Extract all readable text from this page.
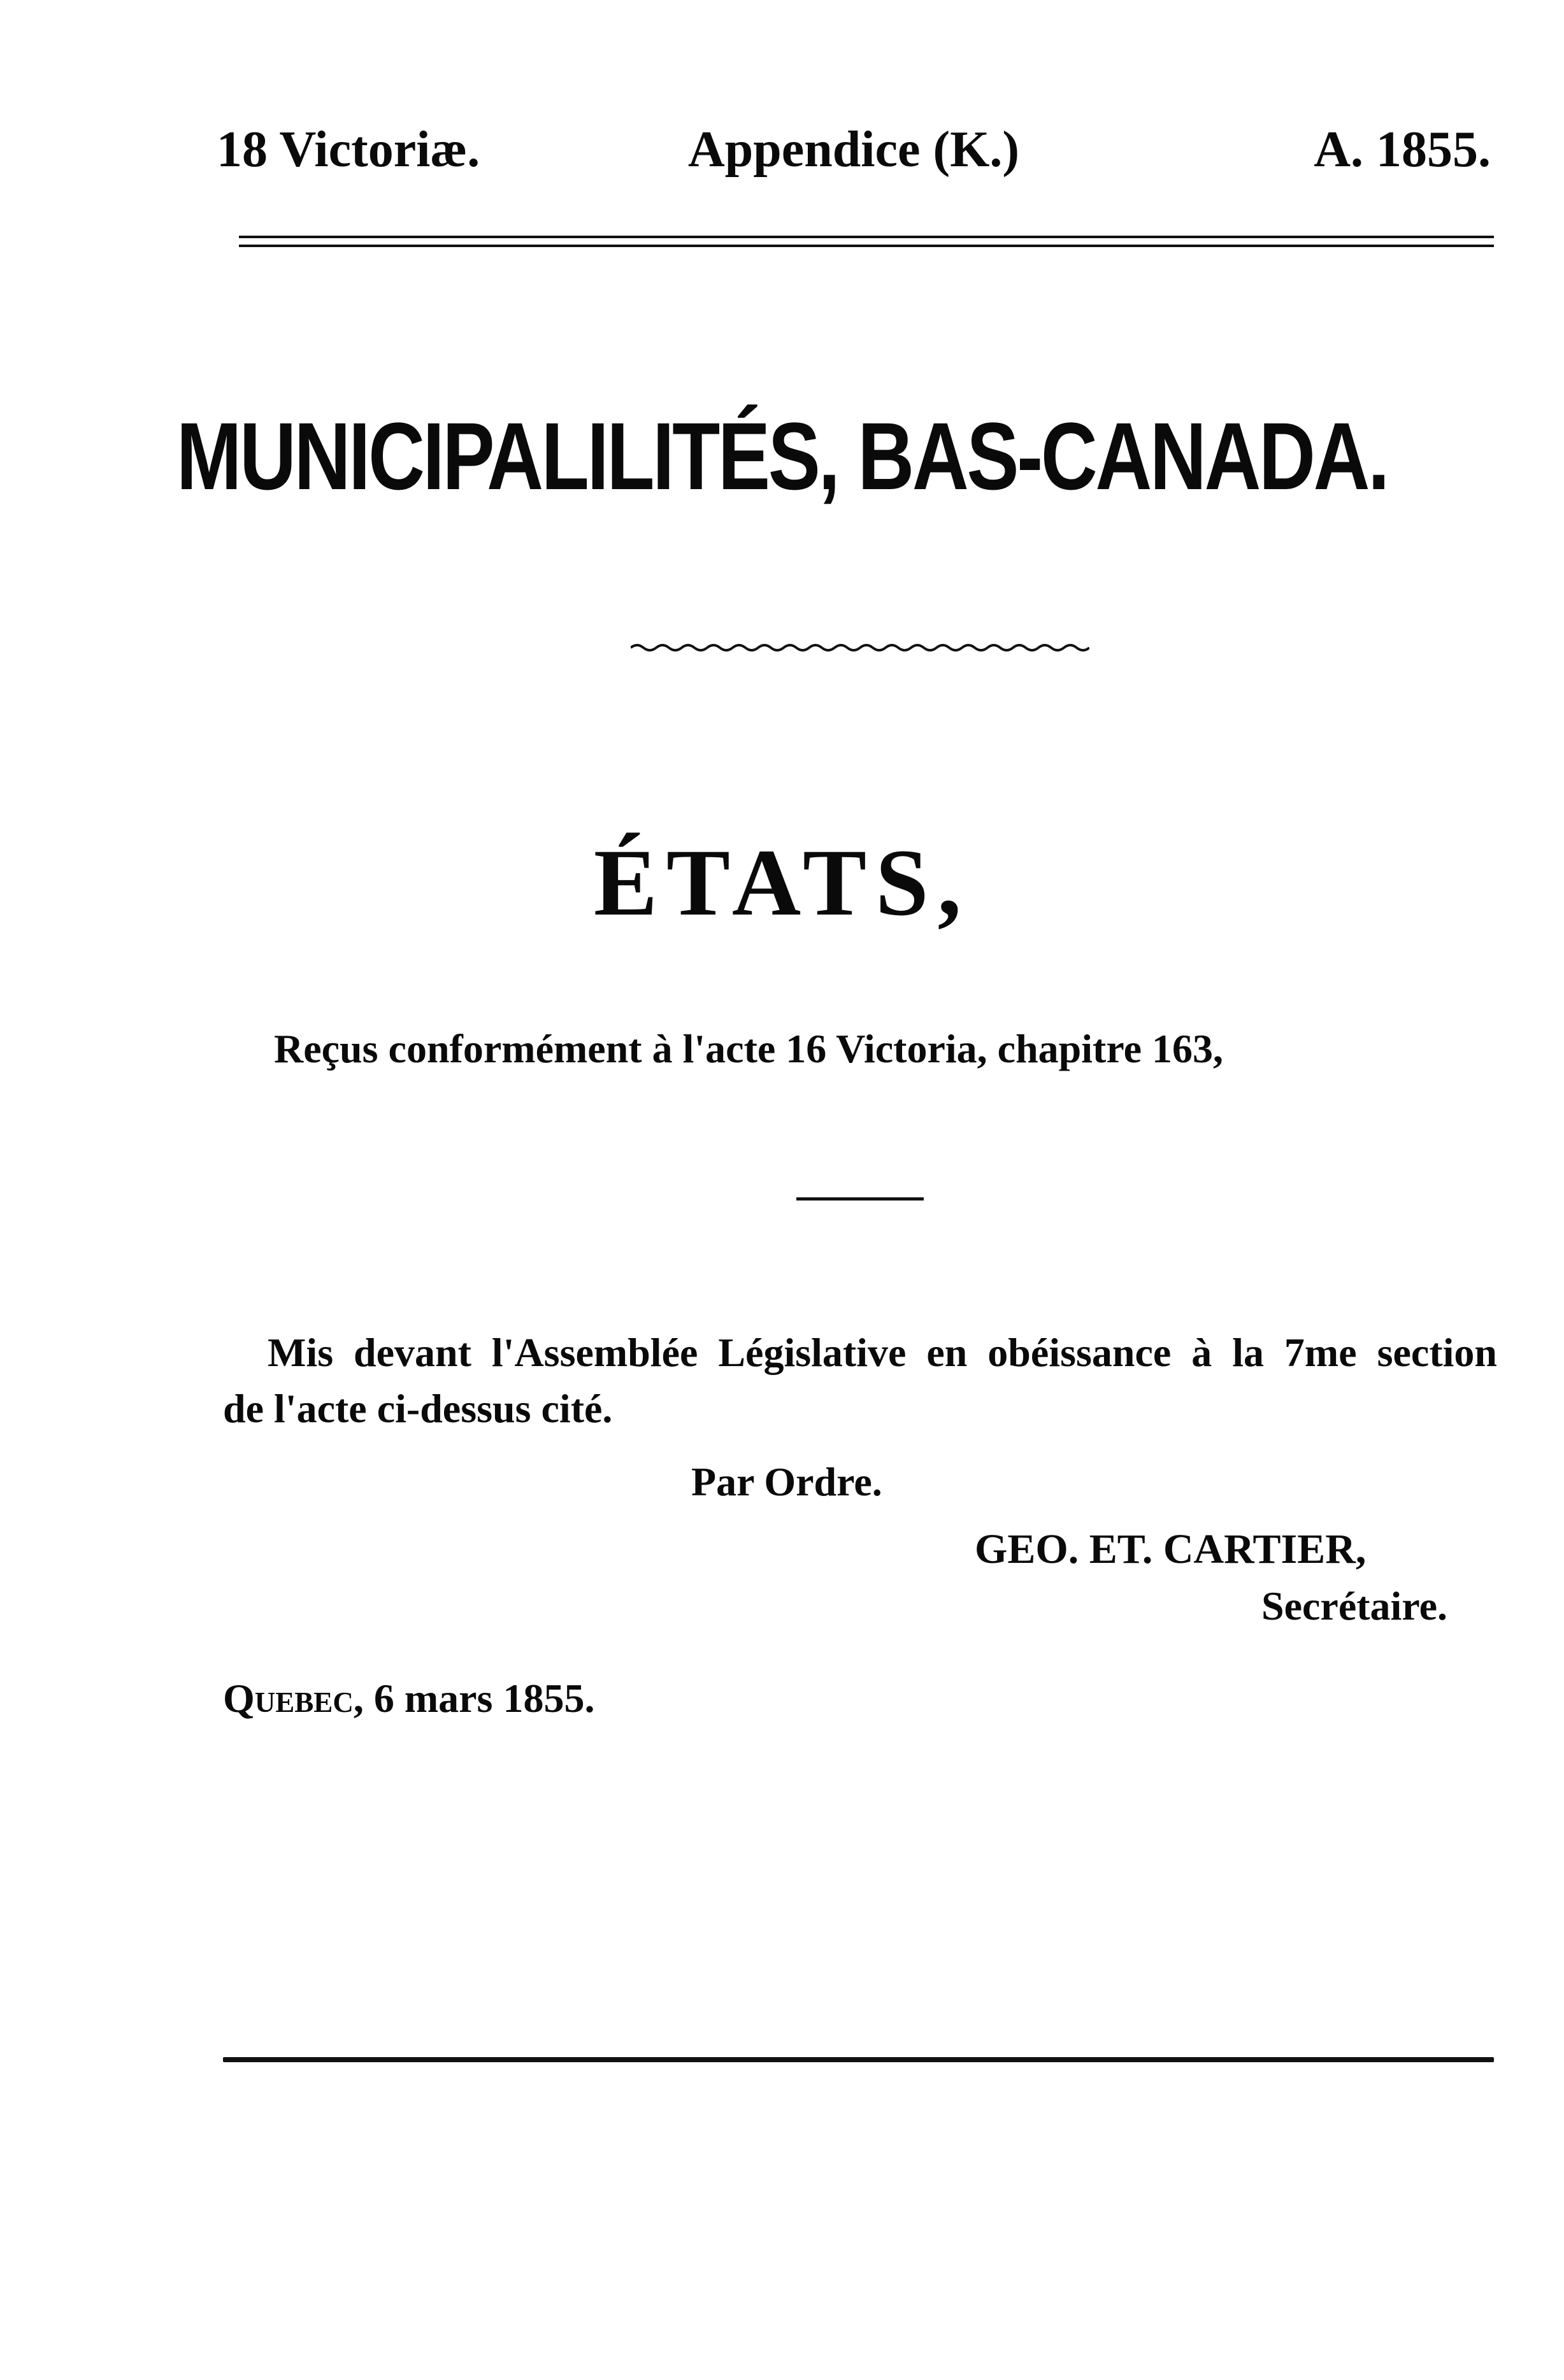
18 Victoriæ.	Appendice (K.)	A. 1855.
MUNICIPALILITÉS, BAS-CANADA.
ÉTATS,
Reçus conformément à l'acte 16 Victoria, chapitre 163,
Mis devant l'Assemblée Législative en obéissance à la 7me section
de l'acte ci-dessus cité.
Par Ordre.
GEO. ET. CARTIER,
Secrétaire.
Quebec, 6 mars 1855.
